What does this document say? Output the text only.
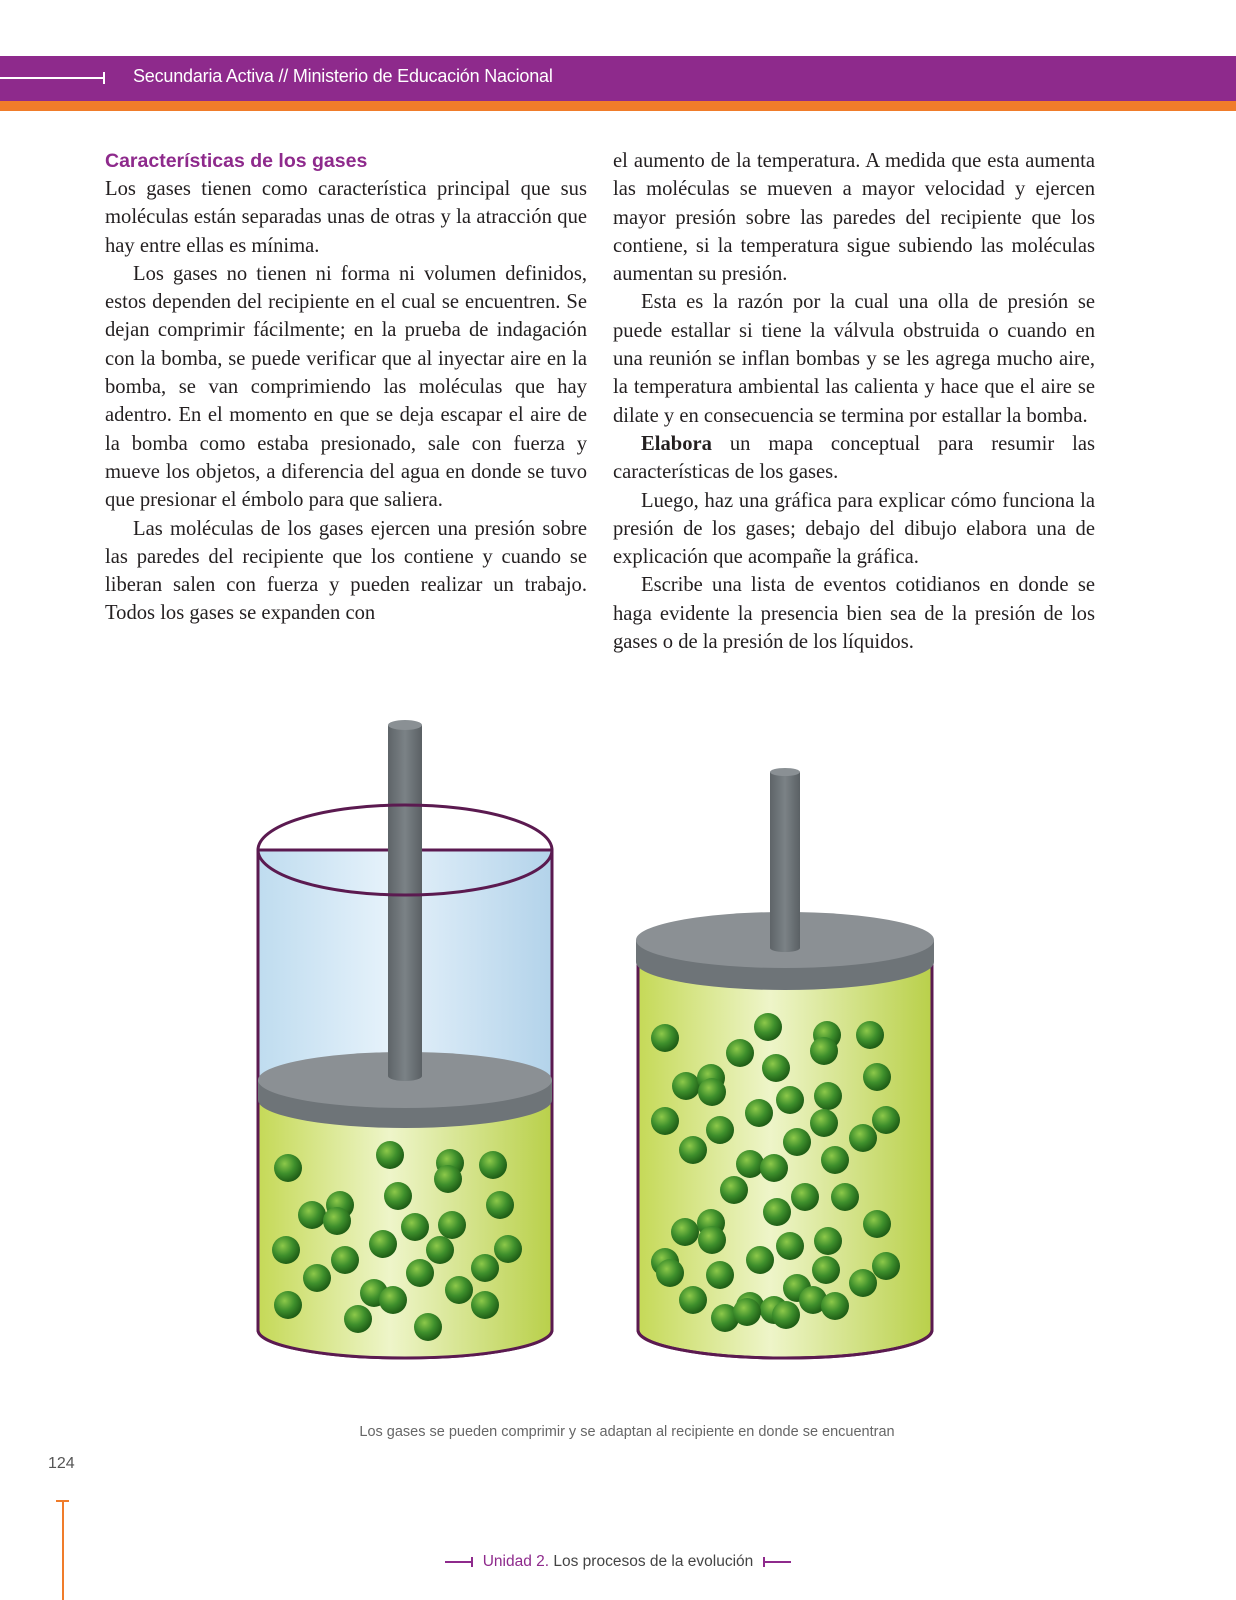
Secundaria Activa // Ministerio de Educación Nacional

Características de los gases

Los gases tienen como característica principal que sus moléculas están separadas unas de otras y la atracción que hay entre ellas es mínima.

Los gases no tienen ni forma ni volumen definidos, estos dependen del recipiente en el cual se encuentren. Se dejan comprimir fácilmente; en la prueba de indagación con la bomba, se puede verificar que al inyectar aire en la bomba, se van comprimiendo las moléculas que hay adentro. En el momento en que se deja escapar el aire de la bomba como estaba presionado, sale con fuerza y mueve los objetos, a diferencia del agua en donde se tuvo que presionar el émbolo para que saliera.

Las moléculas de los gases ejercen una presión sobre las paredes del recipiente que los contiene y cuando se liberan salen con fuerza y pueden realizar un trabajo. Todos los gases se expanden con

el aumento de la temperatura. A medida que esta aumenta las moléculas se mueven a mayor velocidad y ejercen mayor presión sobre las paredes del recipiente que los contiene, si la temperatura sigue subiendo las moléculas aumentan su presión.

Esta es la razón por la cual una olla de presión se puede estallar si tiene la válvula obstruida o cuando en una reunión se inflan bombas y se les agrega mucho aire, la temperatura ambiental las calienta y hace que el aire se dilate y en consecuencia se termina por estallar la bomba.

Elabora un mapa conceptual para resumir las características de los gases.

Luego, haz una gráfica para explicar cómo funciona la presión de los gases; debajo del dibujo elabora una de explicación que acompañe la gráfica.

Escribe una lista de eventos cotidianos en donde se haga evidente la presencia bien sea de la presión de los gases o de la presión de los líquidos.

Los gases se pueden comprimir y se adaptan al recipiente en donde se encuentran
124
Unidad 2. Los procesos de la evolución
